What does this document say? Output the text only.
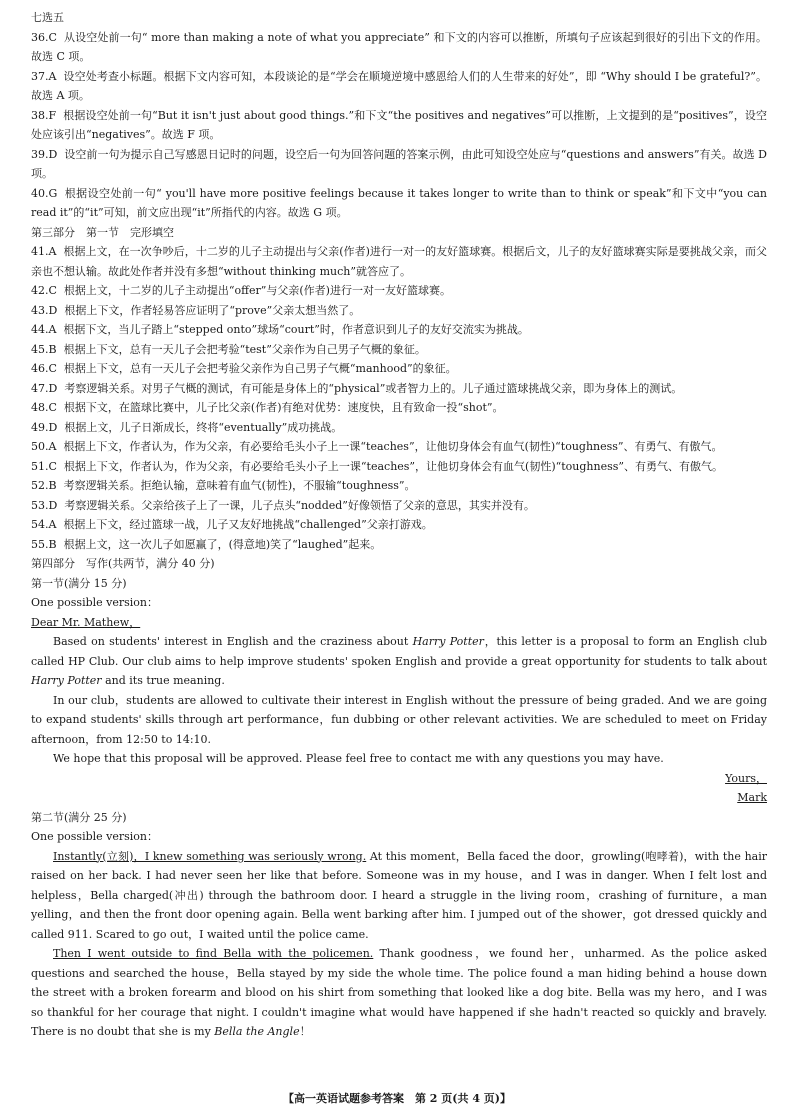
七选五
36.C 从设空处前一句“ more than making a note of what you appreciate” 和下文的内容可以推断，所填句子应该起到很好的引出下文的作用。故选 C 项。
37.A 设空处考查小标题。根据下文内容可知，本段谈论的是“学会在顺境逆境中感恩给人们的人生带来的好处”，即 “Why should I be grateful?”。故选 A 项。
38.F 根据设空处前一句“But it isn't just about good things.”和下文“the positives and negatives”可以推断，上文提到的是“positives”，设空处应该引出“negatives”。故选 F 项。
39.D 设空前一句为提示自己写感恩日记时的问题，设空后一句为回答问题的答案示例，由此可知设空处应与“questions and answers”有关。故选 D 项。
40.G 根据设空处前一句“ you'll have more positive feelings because it takes longer to write than to think or speak”和下文中“you can read it”的“it”可知，前文应出现“it”所指代的内容。故选 G 项。
第三部分　第一节　完形填空
41.A 根据上文，在一次争吵后，十二岁的儿子主动提出与父亲(作者)进行一对一的友好篮球赛。根据后文，儿子的友好篮球赛实际是要挑战父亲，而父亲也不想认输。故此处作者并没有多想“without thinking much”就答应了。
42.C 根据上文，十二岁的儿子主动提出“offer”与父亲(作者)进行一对一友好篮球赛。
43.D 根据上下文，作者轻易答应证明了“prove”父亲太想当然了。
44.A 根据下文，当儿子踏上“stepped onto”球场“court”时，作者意识到儿子的友好交流实为挑战。
45.B 根据上下文，总有一天儿子会把考验“test”父亲作为自己男子气概的象征。
46.C 根据上下文，总有一天儿子会把考验父亲作为自己男子气概“manhood”的象征。
47.D 考察逻辑关系。对男子气概的测试，有可能是身体上的“physical”或者智力上的。儿子通过篮球挑战父亲，即为身体上的测试。
48.C 根据下文，在篮球比赛中，儿子比父亲(作者)有绝对优势：速度快，且有致命一投“shot”。
49.D 根据上文，儿子日渐成长，终将“eventually”成功挑战。
50.A 根据上下文，作者认为，作为父亲，有必要给毛头小子上一课“teaches”，让他切身体会有血气(韧性)“toughness”、有勇气、有傲气。
51.C 根据上下文，作者认为，作为父亲，有必要给毛头小子上一课“teaches”，让他切身体会有血气(韧性)“toughness”、有勇气、有傲气。
52.B 考察逻辑关系。拒绝认输，意味着有血气(韧性)，不服输“toughness”。
53.D 考察逻辑关系。父亲给孩子上了一课，儿子点头“nodded”好像领悟了父亲的意思，其实并没有。
54.A 根据上下文，经过篮球一战，儿子又友好地挑战“challenged”父亲打游戏。
55.B 根据上文，这一次儿子如愿赢了，(得意地)笑了“laughed”起来。
第四部分　写作(共两节，满分 40 分)
第一节(满分 15 分)
One possible version：
Dear Mr. Mathew，
Based on students' interest in English and the craziness about Harry Potter，this letter is a proposal to form an English club called HP Club. Our club aims to help improve students' spoken English and provide a great opportunity for students to talk about Harry Potter and its true meaning.
In our club，students are allowed to cultivate their interest in English without the pressure of being graded. And we are going to expand students' skills through art performance，fun dubbing or other relevant activities. We are scheduled to meet on Friday afternoon，from 12:50 to 14:10.
We hope that this proposal will be approved. Please feel free to contact me with any questions you may have.
Yours，
Mark
第二节(满分 25 分)
One possible version：
Instantly(立刻)，I knew something was seriously wrong. At this moment，Bella faced the door，growling(咆哮着)，with the hair raised on her back. I had never seen her like that before. Someone was in my house，and I was in danger. When I felt lost and helpless，Bella charged(冲出) through the bathroom door. I heard a struggle in the living room，crashing of furniture，a man yelling，and then the front door opening again. Bella went barking after him. I jumped out of the shower，got dressed quickly and called 911. Scared to go out，I waited until the police came.
Then I went outside to find Bella with the policemen. Thank goodness，we found her，unharmed. As the police asked questions and searched the house，Bella stayed by my side the whole time. The police found a man hiding behind a house down the street with a broken forearm and blood on his shirt from something that looked like a dog bite. Bella was my hero，and I was so thankful for her courage that night. I couldn't imagine what would have happened if she hadn't reacted so quickly and bravely. There is no doubt that she is my Bella the Angle！
【高一英语试题参考答案　第 2 页(共 4 页)】
